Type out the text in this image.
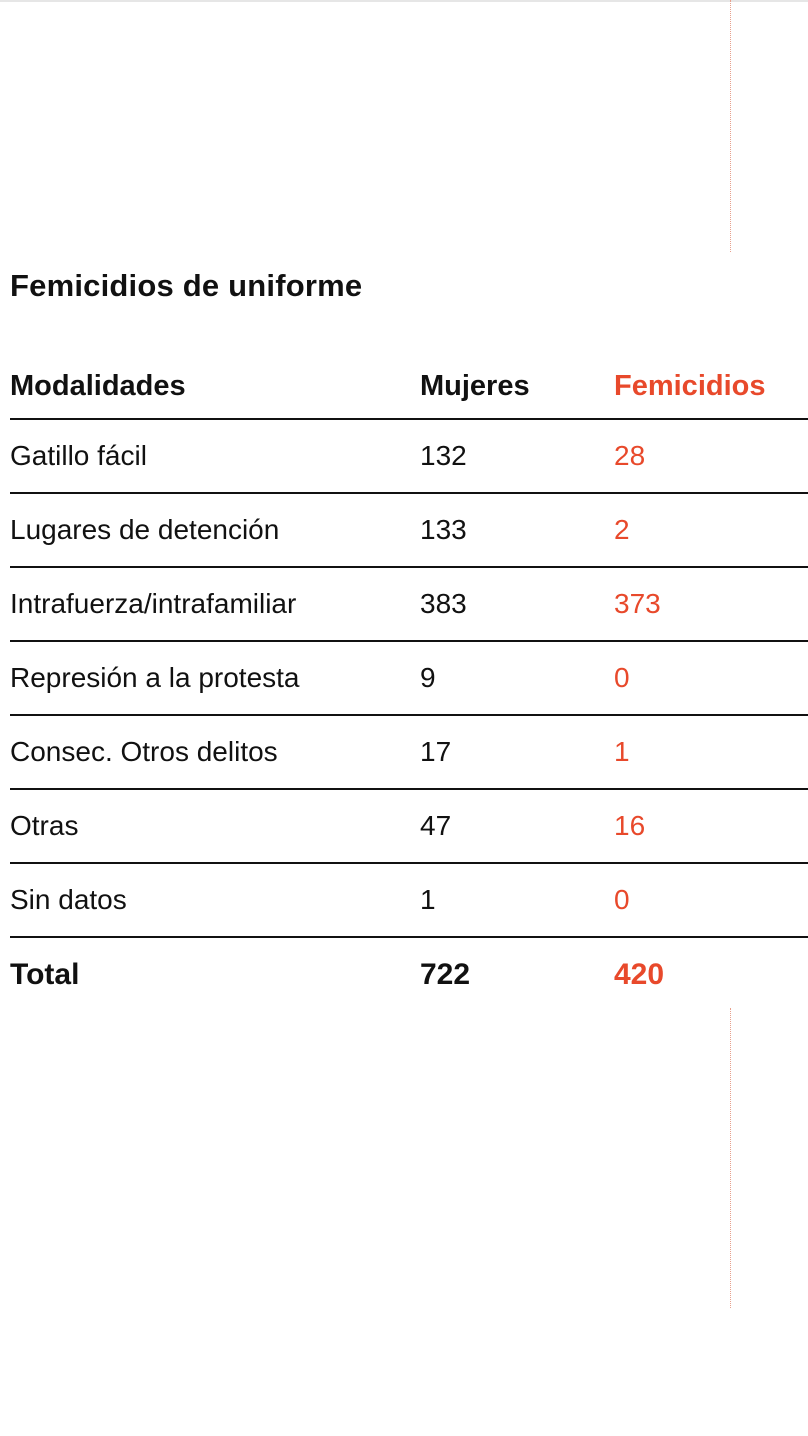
Femicidios de uniforme
Modalidades	Mujeres	Femicidios
Gatillo fácil	132	28
Lugares de detención	133	2
Intrafuerza/intrafamiliar	383	373
Represión a la protesta	9	0
Consec. Otros delitos	17	1
Otras	47	16
Sin datos	1	0
Total	722	420
